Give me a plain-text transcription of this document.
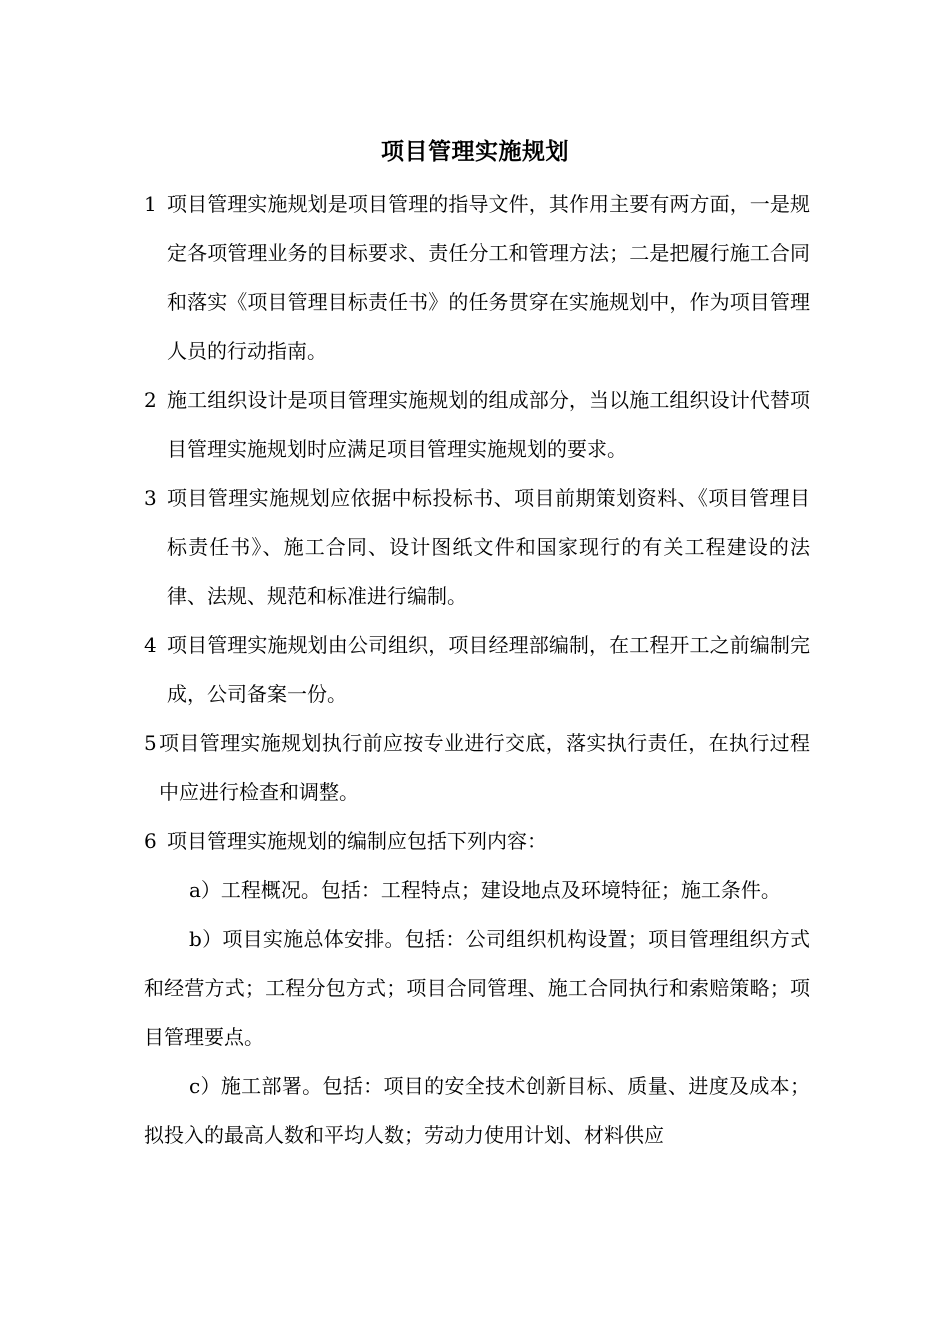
项目管理实施规划
1 项目管理实施规划是项目管理的指导文件，其作用主要有两方面，一是规定各项管理业务的目标要求、责任分工和管理方法；二是把履行施工合同和落实《项目管理目标责任书》的任务贯穿在实施规划中，作为项目管理人员的行动指南。
2 施工组织设计是项目管理实施规划的组成部分，当以施工组织设计代替项目管理实施规划时应满足项目管理实施规划的要求。
3 项目管理实施规划应依据中标投标书、项目前期策划资料、《项目管理目标责任书》、施工合同、设计图纸文件和国家现行的有关工程建设的法律、法规、规范和标准进行编制。
4 项目管理实施规划由公司组织，项目经理部编制，在工程开工之前编制完成，公司备案一份。
5 项目管理实施规划执行前应按专业进行交底，落实执行责任，在执行过程中应进行检查和调整。
6 项目管理实施规划的编制应包括下列内容：

a）工程概况。包括：工程特点；建设地点及环境特征；施工条件。

b）项目实施总体安排。包括：公司组织机构设置；项目管理组织方式和经营方式；工程分包方式；项目合同管理、施工合同执行和索赔策略；项目管理要点。

c）施工部署。包括：项目的安全技术创新目标、质量、进度及成本；拟投入的最高人数和平均人数；劳动力使用计划、材料供应
